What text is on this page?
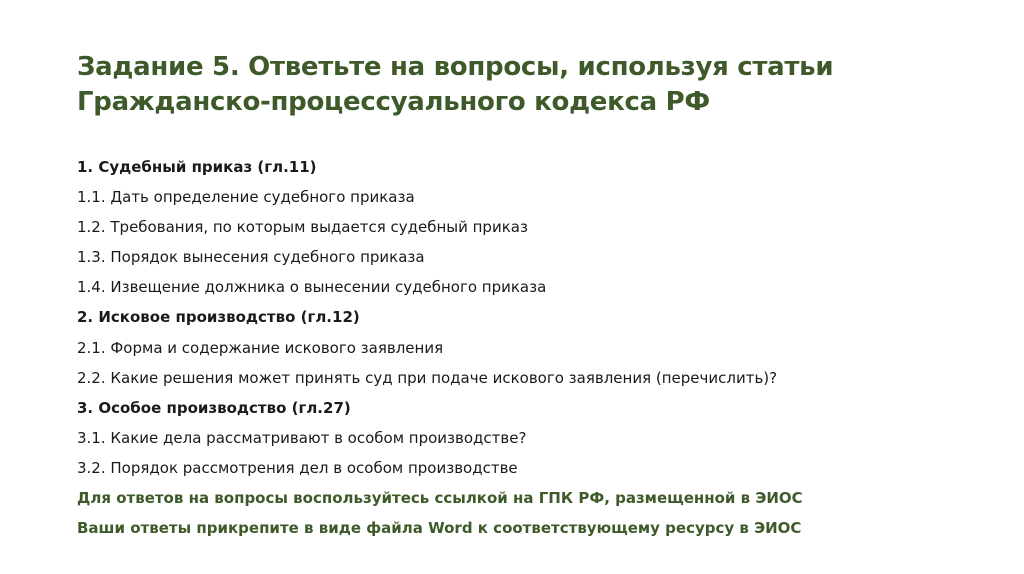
Задание 5. Ответьте на вопросы, используя статьи
Гражданско-процессуального кодекса РФ
1. Судебный приказ (гл.11)
1.1. Дать определение судебного приказа
1.2. Требования, по которым выдается судебный приказ
1.3. Порядок вынесения судебного приказа
1.4. Извещение должника о вынесении судебного приказа
2. Исковое производство (гл.12)
2.1. Форма и содержание искового заявления
2.2. Какие решения может принять суд при подаче искового заявления (перечислить)?
3. Особое производство (гл.27)
3.1. Какие дела рассматривают в особом производстве?
3.2. Порядок рассмотрения дел в особом производстве
Для ответов на вопросы воспользуйтесь ссылкой на ГПК РФ, размещенной в ЭИОС
Ваши ответы прикрепите в виде файла Word к соответствующему ресурсу в ЭИОС
